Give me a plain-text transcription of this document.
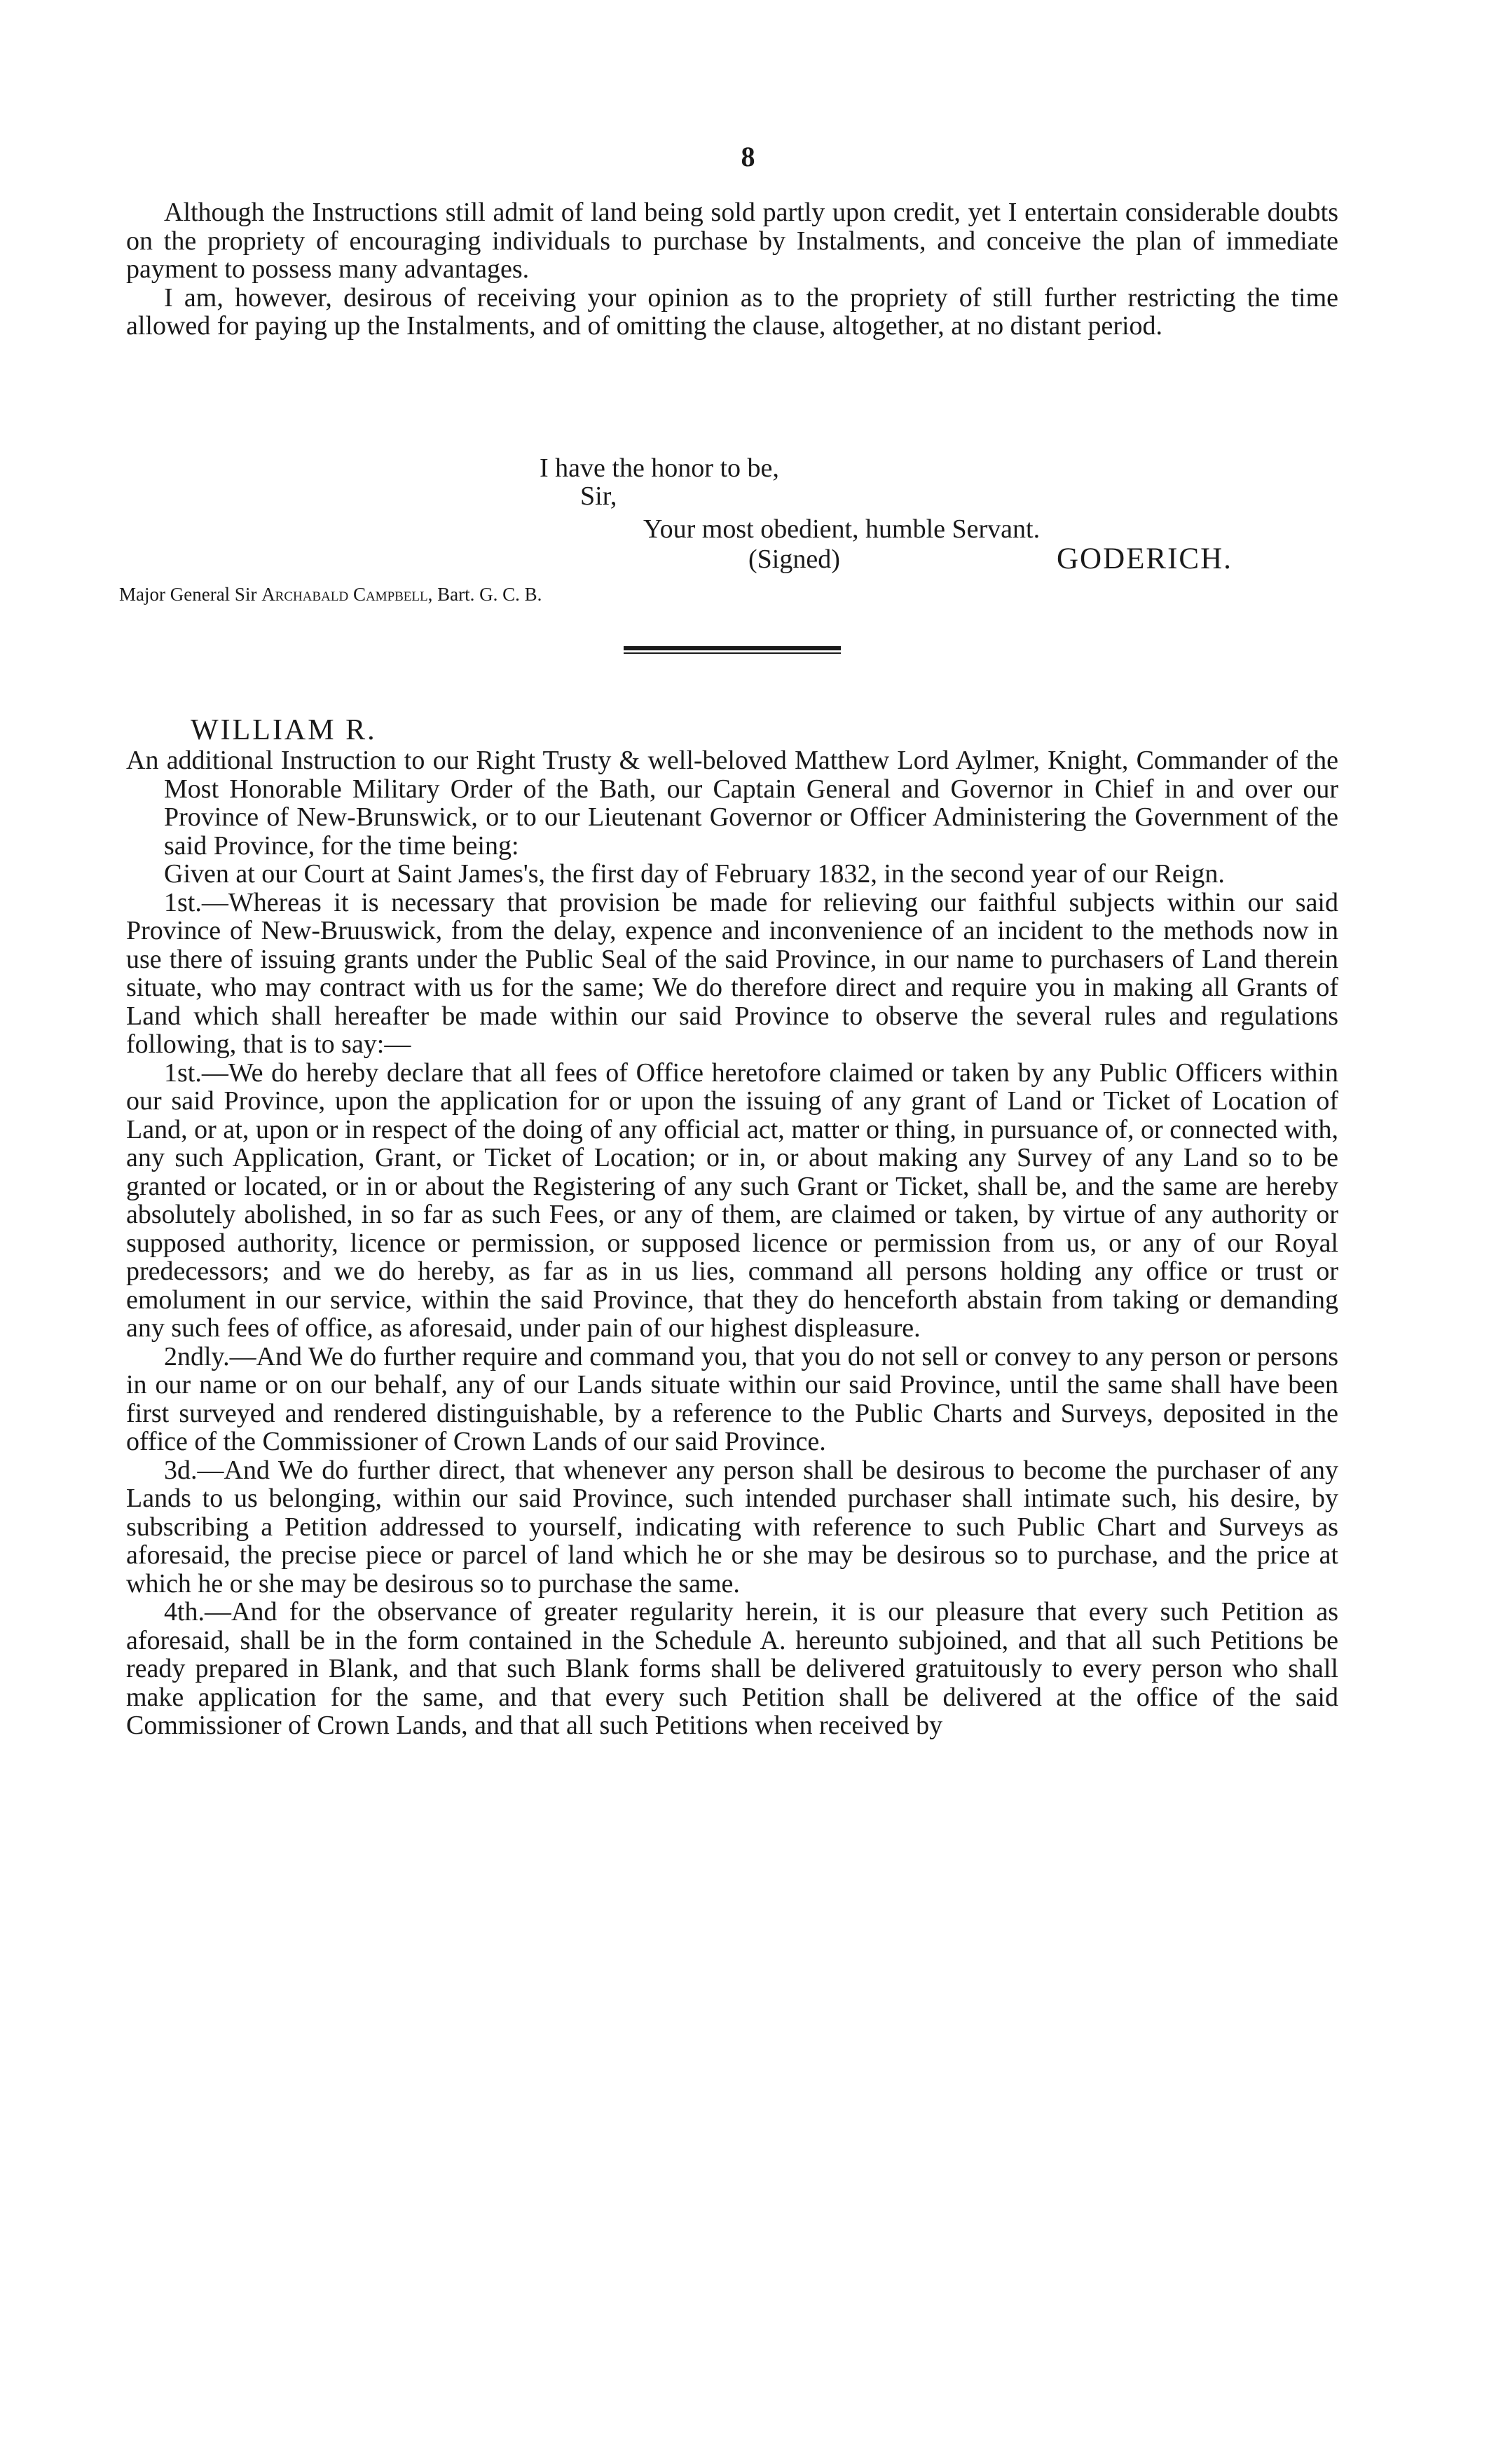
8

Although the Instructions still admit of land being sold partly upon credit, yet I entertain considerable doubts on the propriety of encouraging individuals to purchase by Instalments, and conceive the plan of immediate payment to possess many advantages.

I am, however, desirous of receiving your opinion as to the propriety of still further restricting the time allowed for paying up the Instalments, and of omitting the clause, altogether, at no distant period.

I have the honor to be,

Sir,

Your most obedient, humble Servant.

(Signed)	GODERICH.

Major General Sir Archabald Campbell, Bart. G. C. B.

WILLIAM R.

An additional Instruction to our Right Trusty & well-beloved Matthew Lord Aylmer, Knight, Commander of the Most Honorable Military Order of the Bath, our Captain General and Governor in Chief in and over our Province of New-Brunswick, or to our Lieutenant Governor or Officer Administering the Government of the said Province, for the time being:

Given at our Court at Saint James's, the first day of February 1832, in the second year of our Reign.

1st.—Whereas it is necessary that provision be made for relieving our faithful subjects within our said Province of New-Bruuswick, from the delay, expence and inconvenience of an incident to the methods now in use there of issuing grants under the Public Seal of the said Province, in our name to purchasers of Land therein situate, who may contract with us for the same; We do therefore direct and require you in making all Grants of Land which shall hereafter be made within our said Province to observe the several rules and regulations following, that is to say:—

1st.—We do hereby declare that all fees of Office heretofore claimed or taken by any Public Officers within our said Province, upon the application for or upon the issuing of any grant of Land or Ticket of Location of Land, or at, upon or in respect of the doing of any official act, matter or thing, in pursuance of, or connected with, any such Application, Grant, or Ticket of Location; or in, or about making any Survey of any Land so to be granted or located, or in or about the Registering of any such Grant or Ticket, shall be, and the same are hereby absolutely abolished, in so far as such Fees, or any of them, are claimed or taken, by virtue of any authority or supposed authority, licence or permission, or supposed licence or permission from us, or any of our Royal predecessors; and we do hereby, as far as in us lies, command all persons holding any office or trust or emolument in our service, within the said Province, that they do henceforth abstain from taking or demanding any such fees of office, as aforesaid, under pain of our highest displeasure.

2ndly.—And We do further require and command you, that you do not sell or convey to any person or persons in our name or on our behalf, any of our Lands situate within our said Province, until the same shall have been first surveyed and rendered distinguishable, by a reference to the Public Charts and Surveys, deposited in the office of the Commissioner of Crown Lands of our said Province.

3d.—And We do further direct, that whenever any person shall be desirous to become the purchaser of any Lands to us belonging, within our said Province, such intended purchaser shall intimate such, his desire, by subscribing a Petition addressed to yourself, indicating with reference to such Public Chart and Surveys as aforesaid, the precise piece or parcel of land which he or she may be desirous so to purchase, and the price at which he or she may be desirous so to purchase the same.

4th.—And for the observance of greater regularity herein, it is our pleasure that every such Petition as aforesaid, shall be in the form contained in the Schedule A. hereunto subjoined, and that all such Petitions be ready prepared in Blank, and that such Blank forms shall be delivered gratuitously to every person who shall make application for the same, and that every such Petition shall be delivered at the office of the said Commissioner of Crown Lands, and that all such Petitions when received by
